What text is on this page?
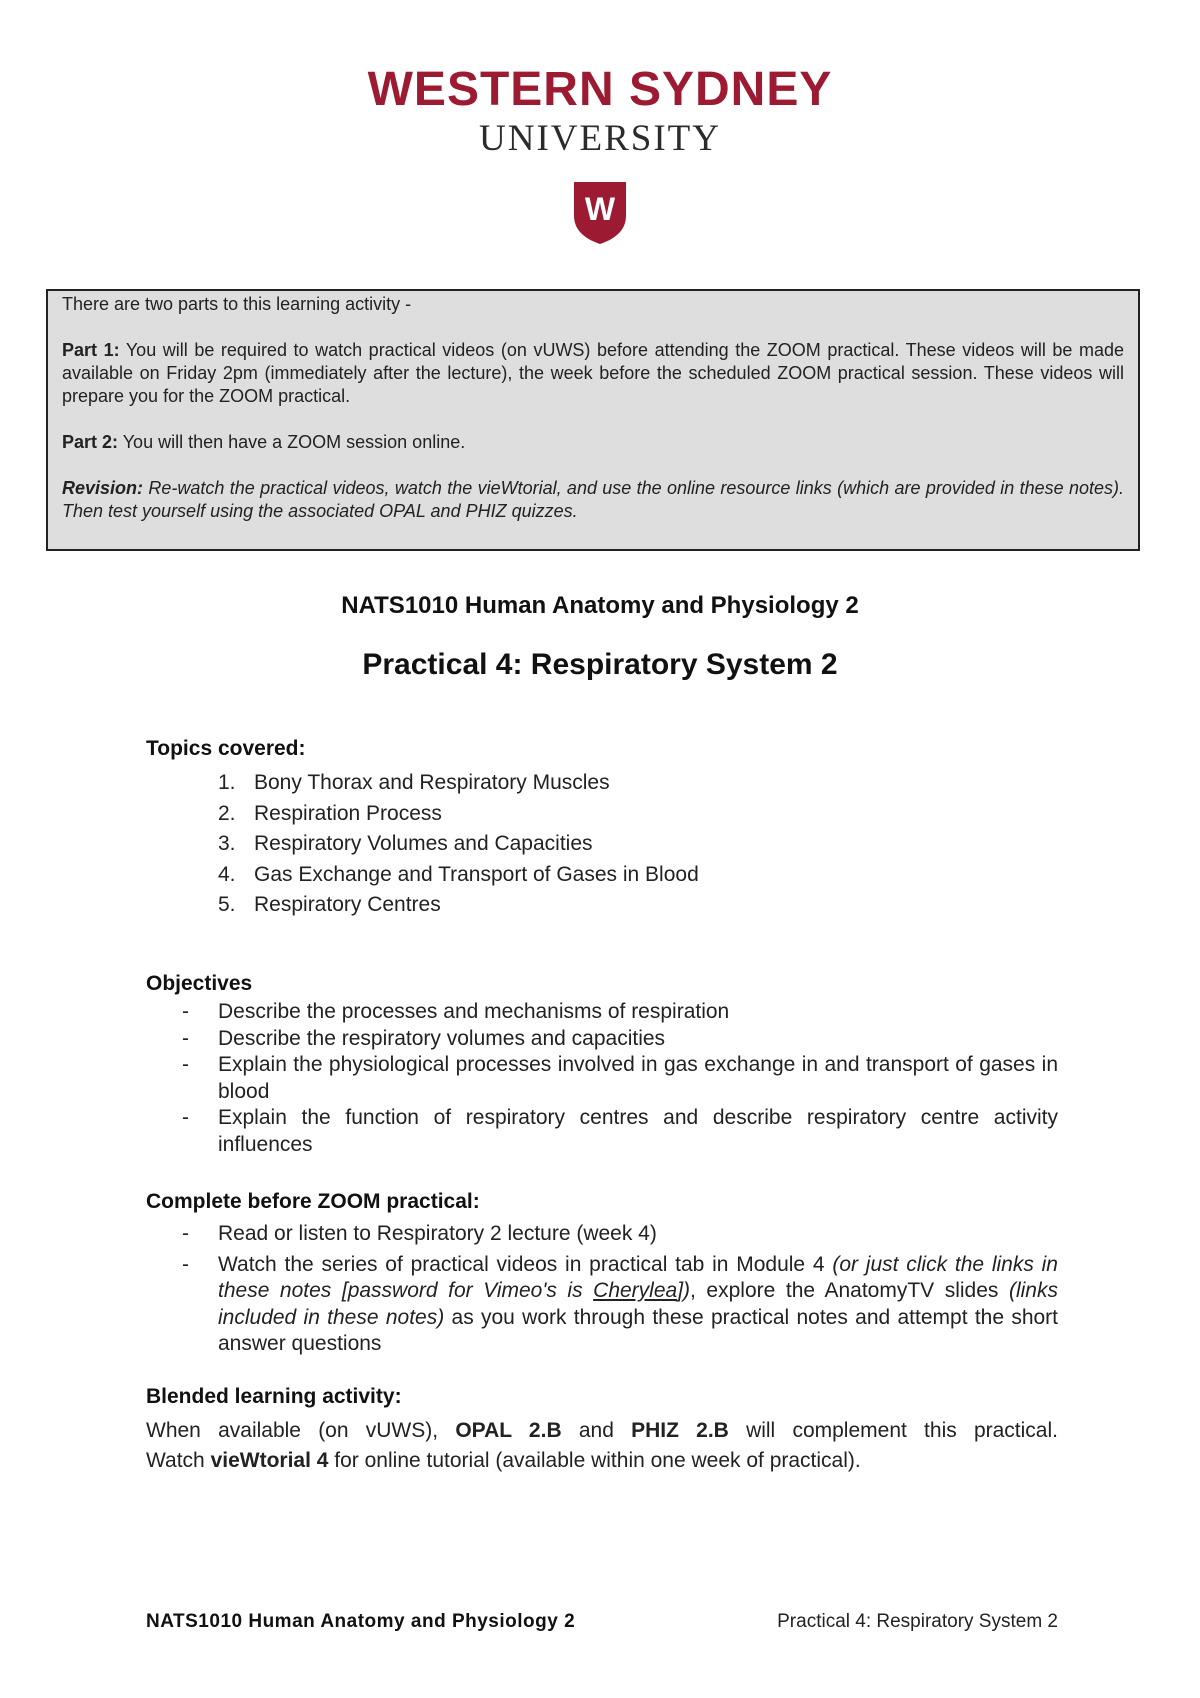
WESTERN SYDNEY
UNIVERSITY
W

There are two parts to this learning activity -

Part 1: You will be required to watch practical videos (on vUWS) before attending the ZOOM practical. These videos will be made available on Friday 2pm (immediately after the lecture), the week before the scheduled ZOOM practical session. These videos will prepare you for the ZOOM practical.

Part 2: You will then have a ZOOM session online.

Revision: Re-watch the practical videos, watch the vieWtorial, and use the online resource links (which are provided in these notes). Then test yourself using the associated OPAL and PHIZ quizzes.

NATS1010 Human Anatomy and Physiology 2
Practical 4: Respiratory System 2
Topics covered:
1. Bony Thorax and Respiratory Muscles
2. Respiration Process
3. Respiratory Volumes and Capacities
4. Gas Exchange and Transport of Gases in Blood
5. Respiratory Centres
Objectives
- Describe the processes and mechanisms of respiration
- Describe the respiratory volumes and capacities
- Explain the physiological processes involved in gas exchange in and transport of gases in blood
- Explain the function of respiratory centres and describe respiratory centre activity influences
Complete before ZOOM practical:
- Read or listen to Respiratory 2 lecture (week 4)
- Watch the series of practical videos in practical tab in Module 4 (or just click the links in these notes [password for Vimeo's is Cherylea]), explore the AnatomyTV slides (links included in these notes) as you work through these practical notes and attempt the short answer questions
Blended learning activity:
When available (on vUWS), OPAL 2.B and PHIZ 2.B will complement this practical.
Watch vieWtorial 4 for online tutorial (available within one week of practical).
NATS1010 Human Anatomy and Physiology 2	Practical 4: Respiratory System 2
